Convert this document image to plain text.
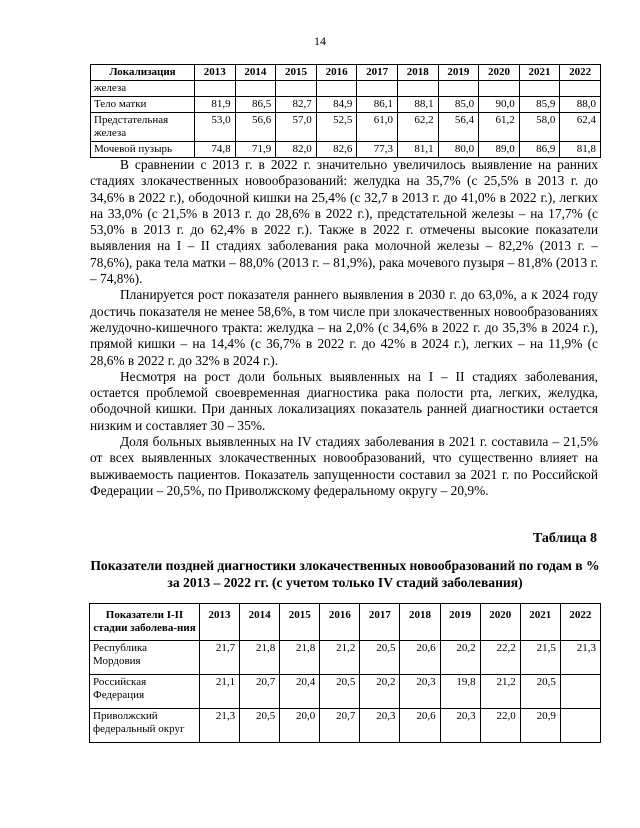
14
Локализация	2013	2014	2015	2016	2017	2018	2019	2020	2021	2022
железа										
Тело матки	81,9	86,5	82,7	84,9	86,1	88,1	85,0	90,0	85,9	88,0
Предстательная железа	53,0	56,6	57,0	52,5	61,0	62,2	56,4	61,2	58,0	62,4
Мочевой пузырь	74,8	71,9	82,0	82,6	77,3	81,1	80,0	89,0	86,9	81,8

В сравнении с 2013 г. в 2022 г. значительно увеличилось выявление на ранних стадиях злокачественных новообразований: желудка на 35,7% (с 25,5% в 2013 г. до 34,6% в 2022 г.), ободочной кишки на 25,4% (с 32,7 в 2013 г. до 41,0% в 2022 г.), легких на 33,0% (с 21,5% в 2013 г. до 28,6% в 2022 г.), предстательной железы – на 17,7% (с 53,0% в 2013 г. до 62,4% в 2022 г.). Также в 2022 г. отмечены высокие показатели выявления на I – II стадиях заболевания рака молочной железы – 82,2% (2013 г. – 78,6%), рака тела матки – 88,0% (2013 г. – 81,9%), рака мочевого пузыря – 81,8% (2013 г. – 74,8%).

Планируется рост показателя раннего выявления в 2030 г. до 63,0%, а к 2024 году достичь показателя не менее 58,6%, в том числе при злокачественных новообразованиях желудочно-кишечного тракта: желудка – на 2,0% (с 34,6% в 2022 г. до 35,3% в 2024 г.), прямой кишки – на 14,4% (с 36,7% в 2022 г. до 42% в 2024 г.), легких – на 11,9% (с 28,6% в 2022 г. до 32% в 2024 г.).

Несмотря на рост доли больных выявленных на I – II стадиях заболевания, остается проблемой своевременная диагностика рака полости рта, легких, желудка, ободочной кишки. При данных локализациях показатель ранней диагностики остается низким и составляет 30 – 35%.

Доля больных выявленных на IV стадиях заболевания в 2021 г. составила – 21,5% от всех выявленных злокачественных новообразований, что существенно влияет на выживаемость пациентов. Показатель запущенности составил за 2021 г. по Российской Федерации – 20,5%, по Приволжскому федеральному округу – 20,9%.

Таблица 8
Показатели поздней диагностики злокачественных новообразований по годам в % за 2013 – 2022 гг. (с учетом только IV стадий заболевания)
Показатели I-II стадии заболева-ния	2013	2014	2015	2016	2017	2018	2019	2020	2021	2022
Республика Мордовия	21,7	21,8	21,8	21,2	20,5	20,6	20,2	22,2	21,5	21,3
Российская Федерация	21,1	20,7	20,4	20,5	20,2	20,3	19,8	21,2	20,5	
Приволжский федеральный округ	21,3	20,5	20,0	20,7	20,3	20,6	20,3	22,0	20,9	
